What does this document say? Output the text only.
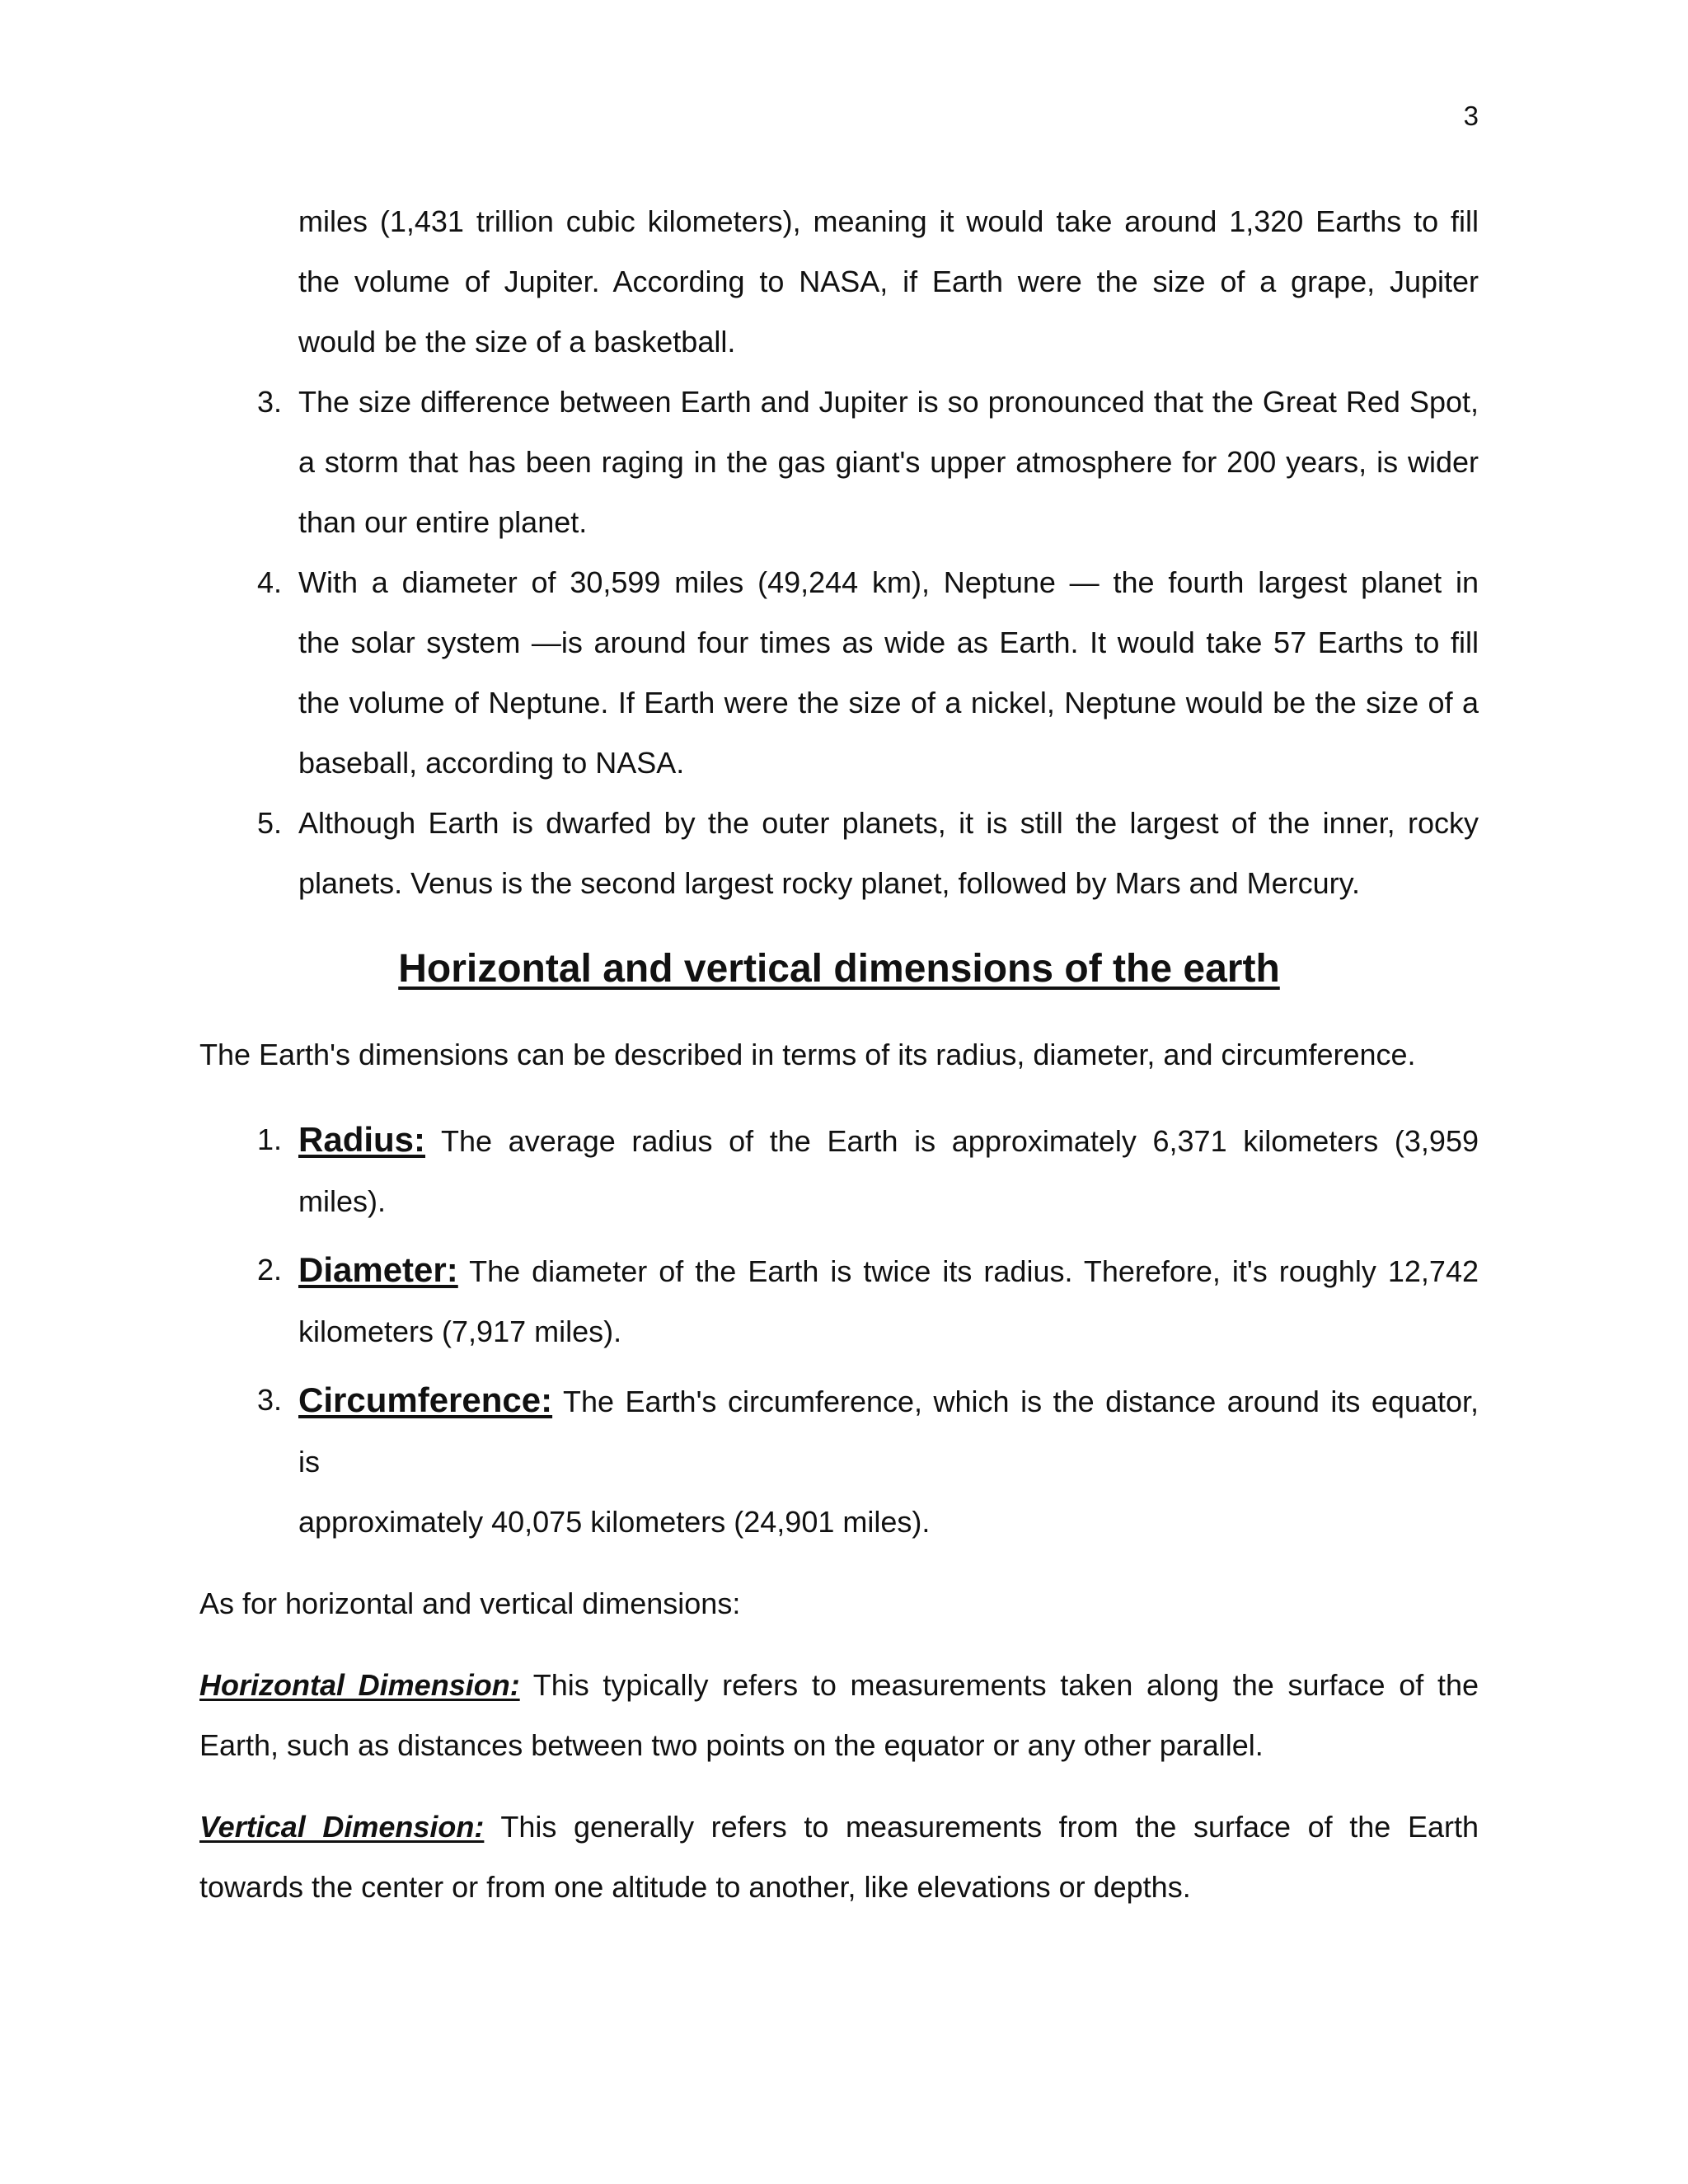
3
miles (1,431 trillion cubic kilometers), meaning it would take around 1,320 Earths to fill
the volume of Jupiter. According to NASA, if Earth were the size of a grape, Jupiter
would be the size of a basketball.
3. The size difference between Earth and Jupiter is so pronounced that the Great Red Spot,
a storm that has been raging in the gas giant's upper atmosphere for 200 years, is wider
than our entire planet.
4. With a diameter of 30,599 miles (49,244 km), Neptune — the fourth largest planet in
the solar system —is around four times as wide as Earth. It would take 57 Earths to fill
the volume of Neptune. If Earth were the size of a nickel, Neptune would be the size of a
baseball, according to NASA.
5. Although Earth is dwarfed by the outer planets, it is still the largest of the inner, rocky
planets. Venus is the second largest rocky planet, followed by Mars and Mercury.
Horizontal and vertical dimensions of the earth
The Earth's dimensions can be described in terms of its radius, diameter, and circumference.
1. Radius: The average radius of the Earth is approximately 6,371 kilometers (3,959
miles).
2. Diameter: The diameter of the Earth is twice its radius. Therefore, it's roughly 12,742
kilometers (7,917 miles).
3. Circumference: The Earth's circumference, which is the distance around its equator, is
approximately 40,075 kilometers (24,901 miles).
As for horizontal and vertical dimensions:
Horizontal Dimension: This typically refers to measurements taken along the surface of the
Earth, such as distances between two points on the equator or any other parallel.
Vertical Dimension: This generally refers to measurements from the surface of the Earth
towards the center or from one altitude to another, like elevations or depths.
